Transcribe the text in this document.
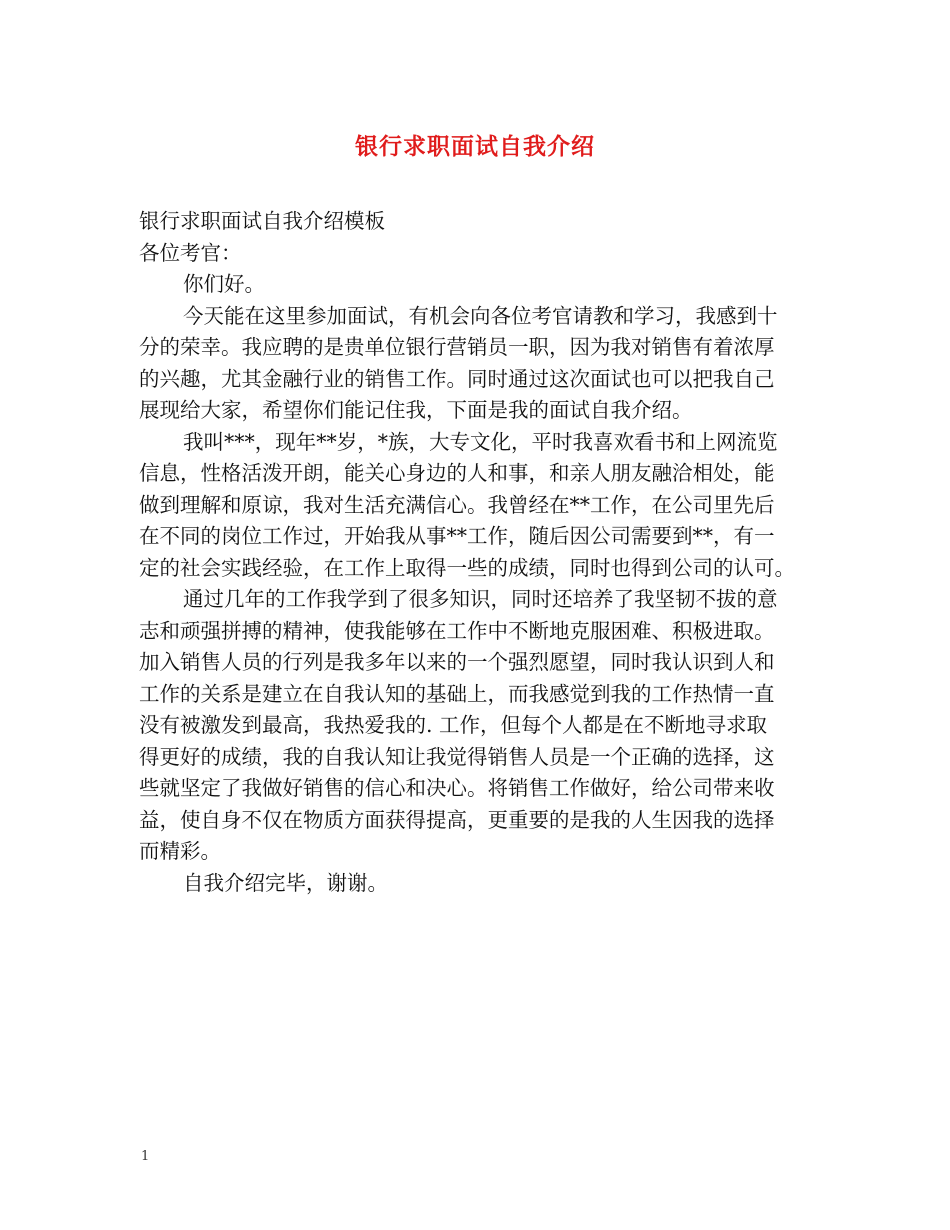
银行求职面试自我介绍
银行求职面试自我介绍模板
各位考官：
你们好。
今天能在这里参加面试，有机会向各位考官请教和学习，我感到十
分的荣幸。我应聘的是贵单位银行营销员一职，因为我对销售有着浓厚
的兴趣，尤其金融行业的销售工作。同时通过这次面试也可以把我自己
展现给大家，希望你们能记住我，下面是我的面试自我介绍。
我叫***，现年**岁，*族，大专文化，平时我喜欢看书和上网流览
信息，性格活泼开朗，能关心身边的人和事，和亲人朋友融洽相处，能
做到理解和原谅，我对生活充满信心。我曾经在**工作，在公司里先后
在不同的岗位工作过，开始我从事**工作，随后因公司需要到**，有一
定的社会实践经验，在工作上取得一些的成绩，同时也得到公司的认可。
通过几年的工作我学到了很多知识，同时还培养了我坚韧不拔的意
志和顽强拼搏的精神，使我能够在工作中不断地克服困难、积极进取。
加入销售人员的行列是我多年以来的一个强烈愿望，同时我认识到人和
工作的关系是建立在自我认知的基础上，而我感觉到我的工作热情一直
没有被激发到最高，我热爱我的. 工作，但每个人都是在不断地寻求取
得更好的成绩，我的自我认知让我觉得销售人员是一个正确的选择，这
些就坚定了我做好销售的信心和决心。将销售工作做好，给公司带来收
益，使自身不仅在物质方面获得提高，更重要的是我的人生因我的选择
而精彩。
自我介绍完毕，谢谢。
1
